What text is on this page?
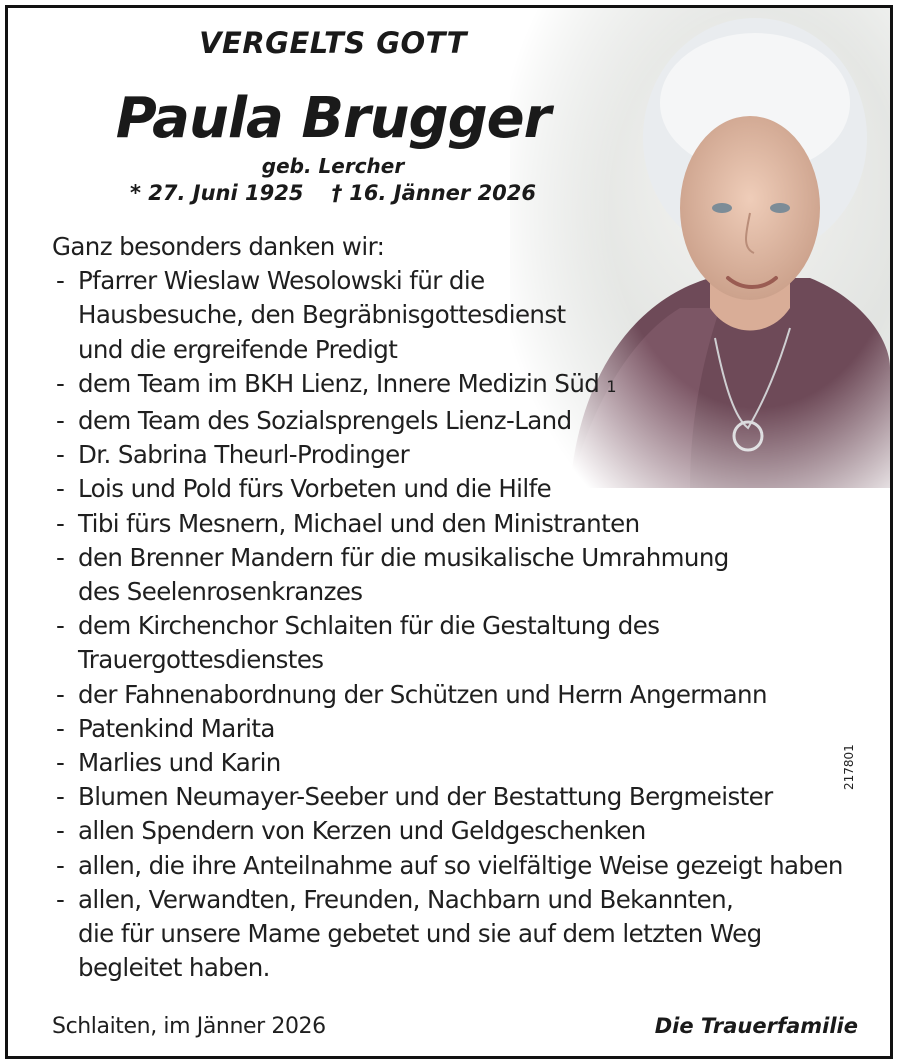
VERGELTS GOTT
Paula Brugger
geb. Lercher
* 27. Juni 1925 † 16. Jänner 2026

Ganz besonders danken wir:

- Pfarrer Wieslaw Wesolowski für die
Hausbesuche, den Begräbnisgottesdienst
und die ergreifende Predigt
- dem Team im BKH Lienz, Innere Medizin Süd 1
- dem Team des Sozialsprengels Lienz-Land
- Dr. Sabrina Theurl-Prodinger
- Lois und Pold fürs Vorbeten und die Hilfe
- Tibi fürs Mesnern, Michael und den Ministranten
- den Brenner Mandern für die musikalische Umrahmung
des Seelenrosenkranzes
- dem Kirchenchor Schlaiten für die Gestaltung des
Trauergottesdienstes
- der Fahnenabordnung der Schützen und Herrn Angermann
- Patenkind Marita
- Marlies und Karin
- Blumen Neumayer-Seeber und der Bestattung Bergmeister
- allen Spendern von Kerzen und Geldgeschenken
- allen, die ihre Anteilnahme auf so vielfältige Weise gezeigt haben
- allen, Verwandten, Freunden, Nachbarn und Bekannten,
die für unsere Mame gebetet und sie auf dem letzten Weg
begleitet haben.
Schlaiten, im Jänner 2026	Die Trauerfamilie
217801
